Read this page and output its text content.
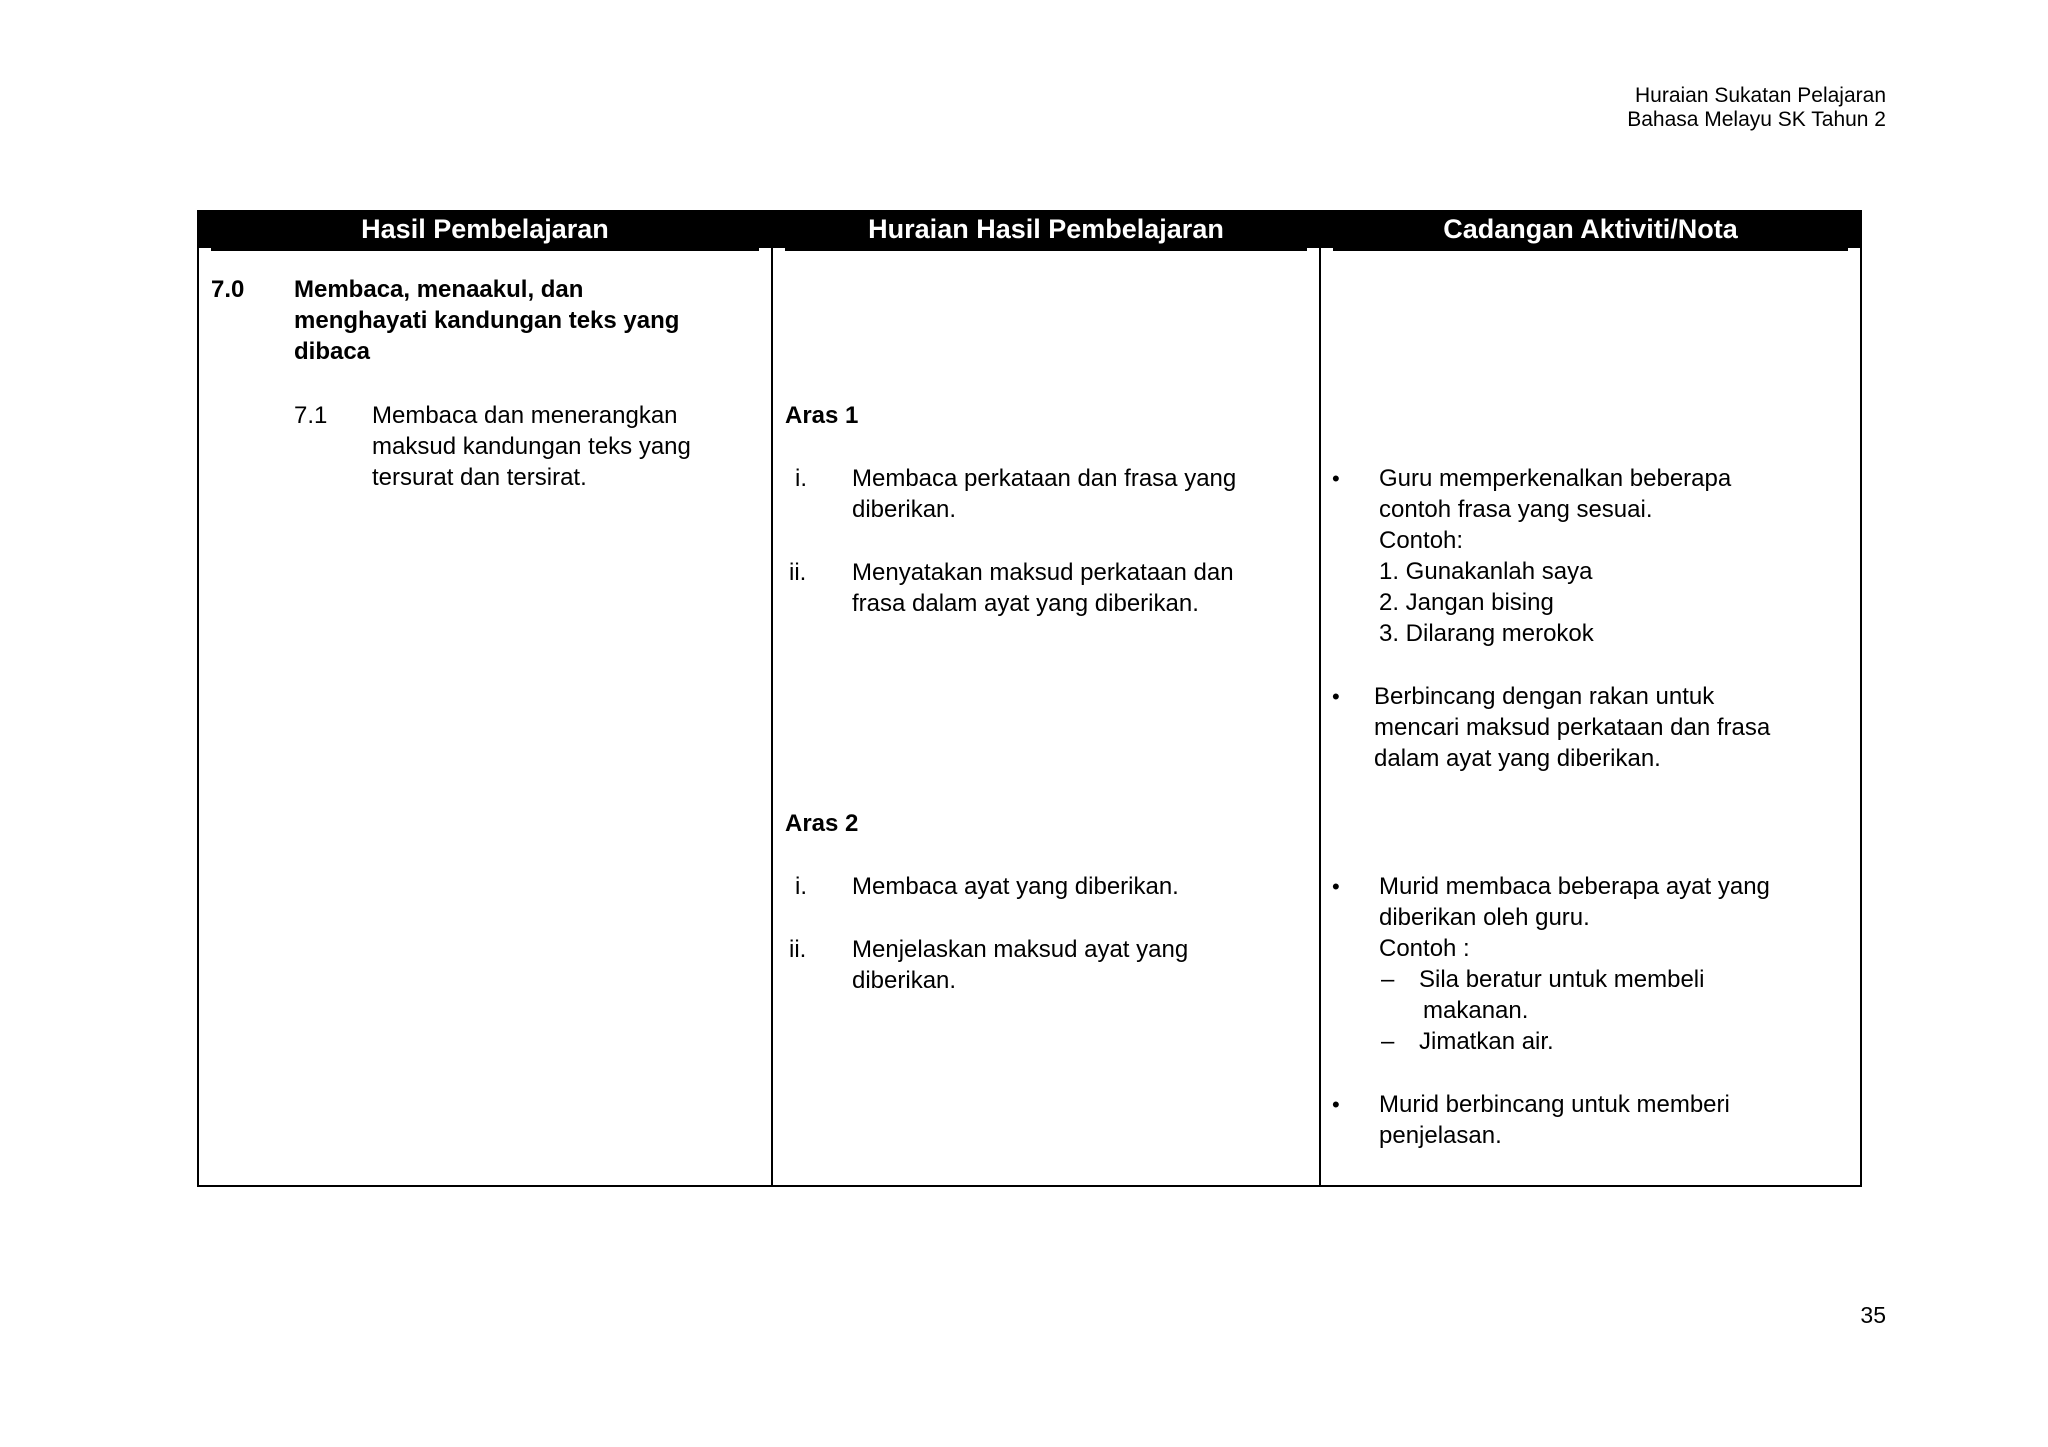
Huraian Sukatan Pelajaran
Bahasa Melayu SK Tahun 2
Hasil Pembelajaran	Huraian Hasil Pembelajaran	Cadangan Aktiviti/Nota
7.0 Membaca, menaakul, dan
menghayati kandungan teks yang
dibaca
7.1 Membaca dan menerangkan
maksud kandungan teks yang
tersurat dan tersirat.
Aras 1
i. Membaca perkataan dan frasa yang
diberikan.
ii. Menyatakan maksud perkataan dan
frasa dalam ayat yang diberikan.
Aras 2
i. Membaca ayat yang diberikan.
ii. Menjelaskan maksud ayat yang
diberikan.
• Guru memperkenalkan beberapa
contoh frasa yang sesuai.
Contoh:
1. Gunakanlah saya
2. Jangan bising
3. Dilarang merokok
• Berbincang dengan rakan untuk
mencari maksud perkataan dan frasa
dalam ayat yang diberikan.
• Murid membaca beberapa ayat yang
diberikan oleh guru.
Contoh :
– Sila beratur untuk membeli
makanan.
– Jimatkan air.
• Murid berbincang untuk memberi
penjelasan.
35
